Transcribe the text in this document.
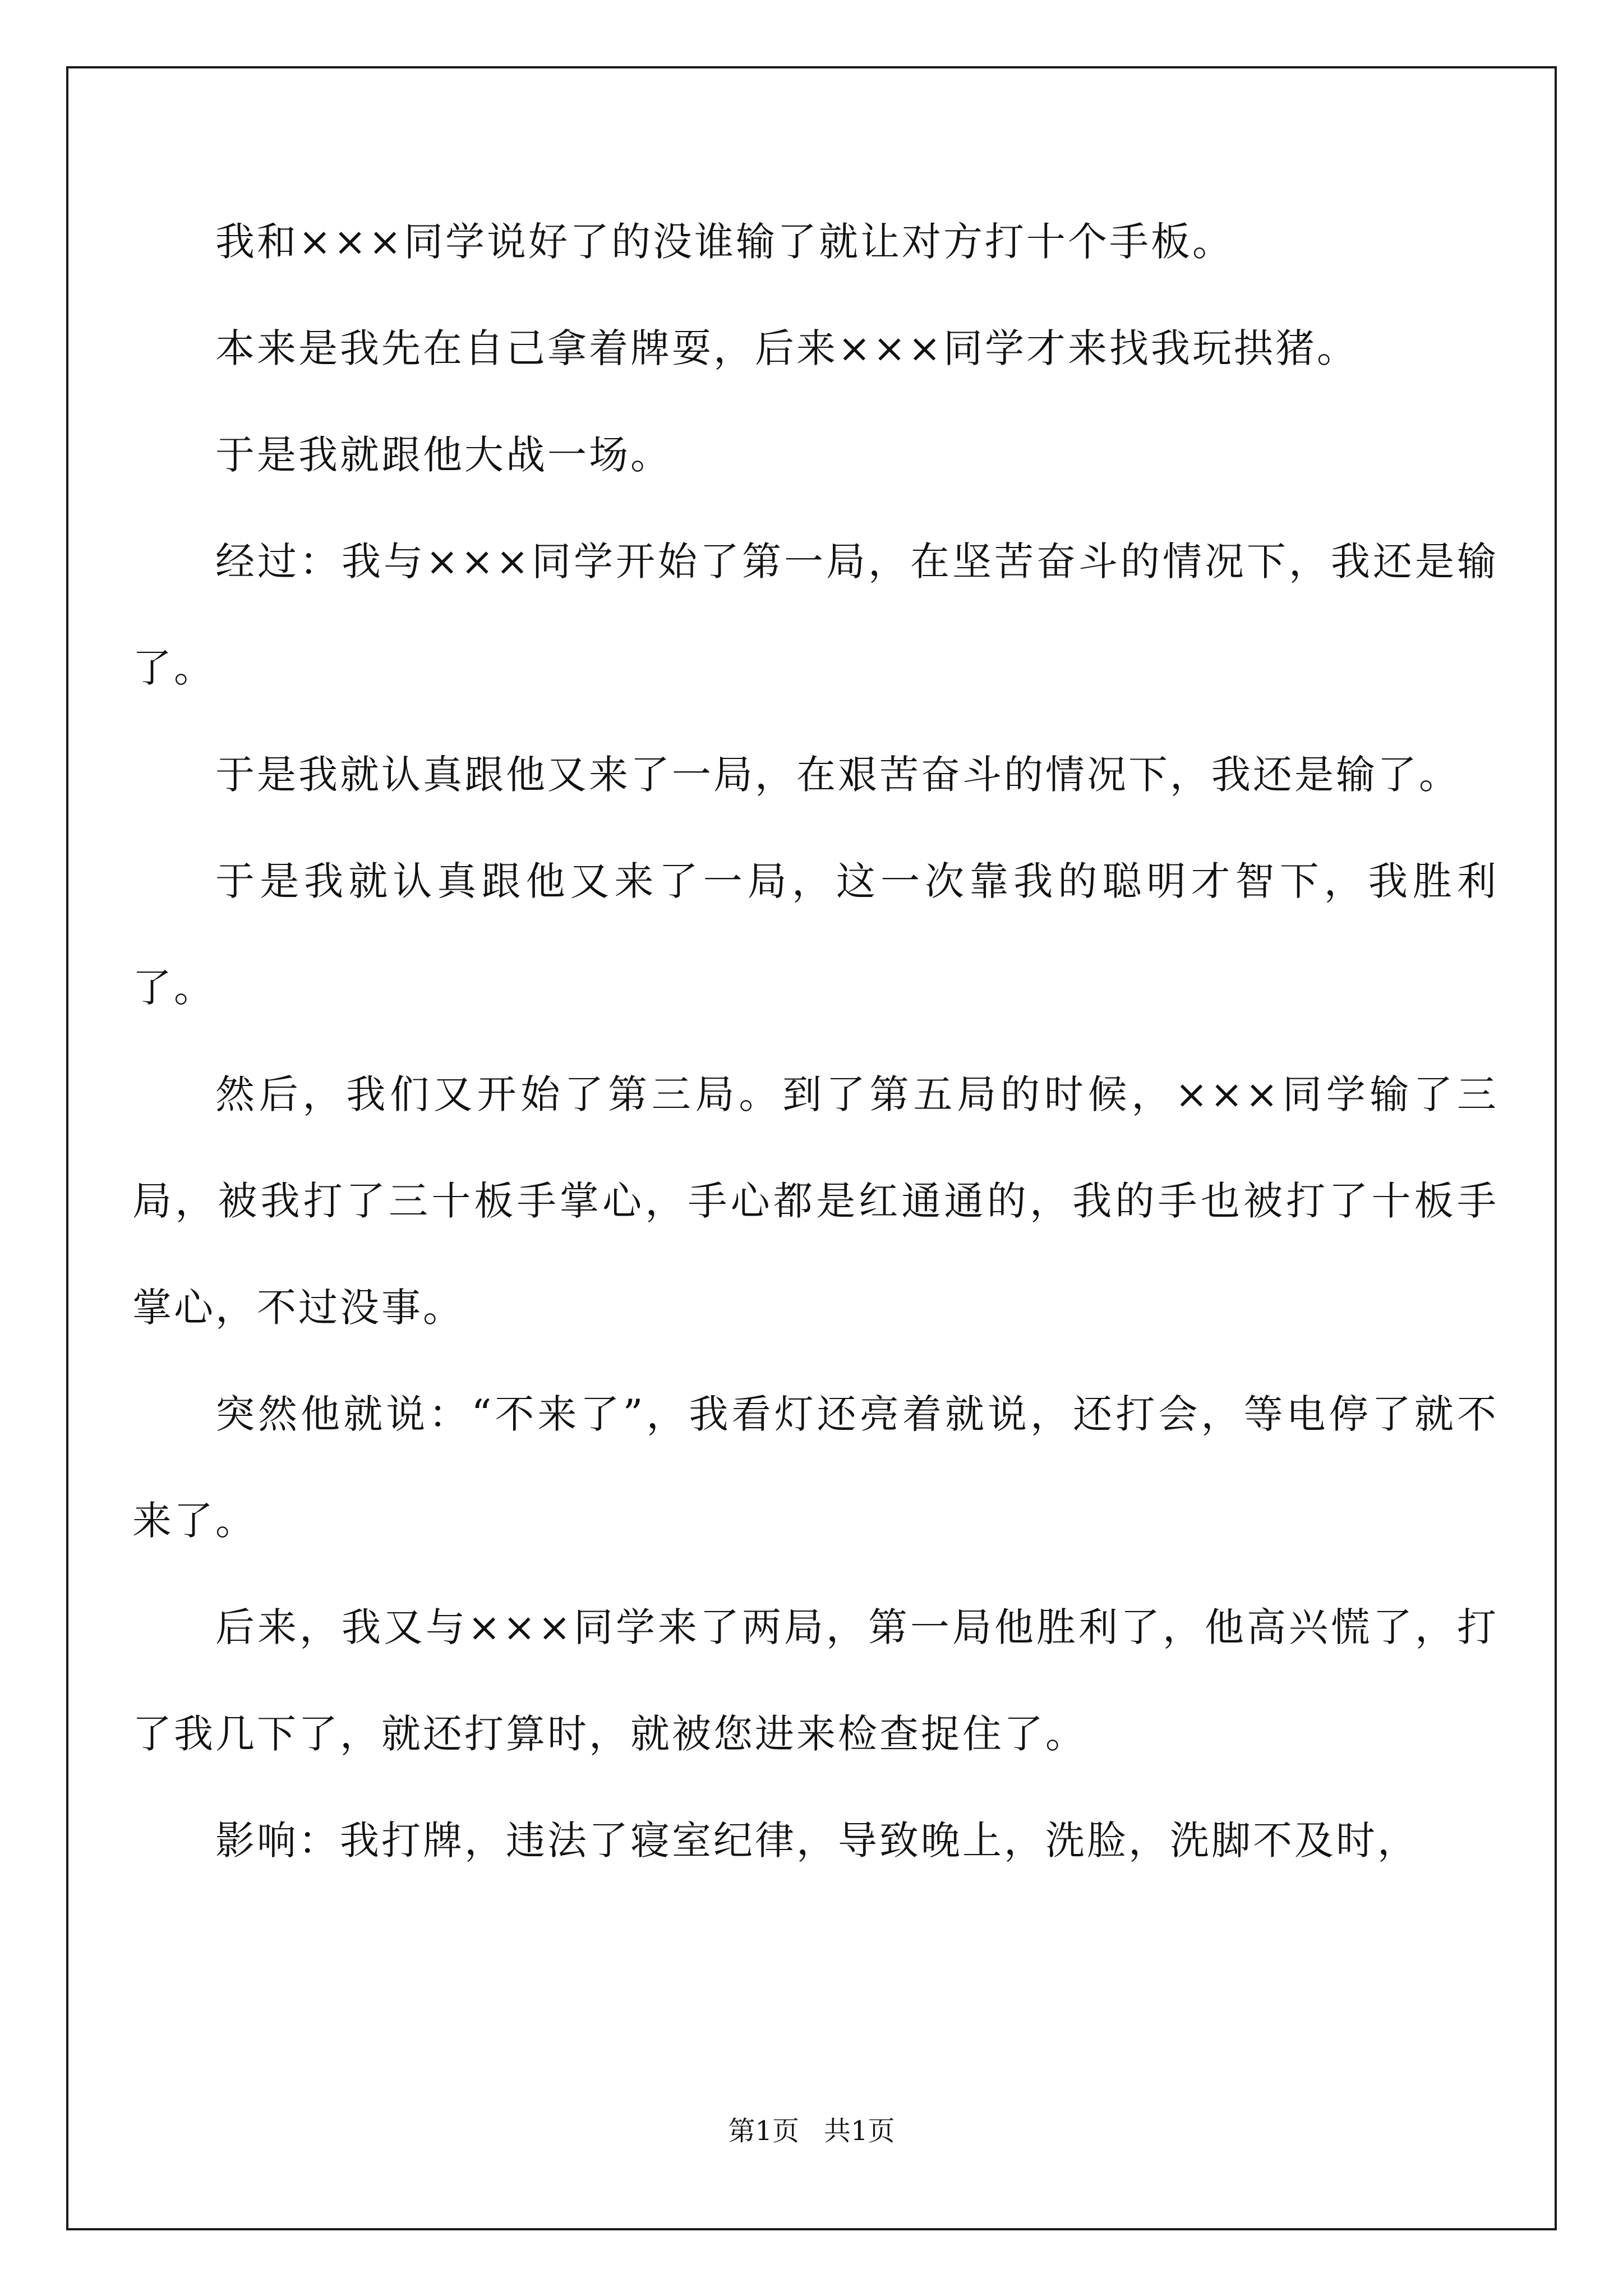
我和×××同学说好了的没谁输了就让对方打十个手板。

本来是我先在自己拿着牌耍，后来×××同学才来找我玩拱猪。

于是我就跟他大战一场。

经过：我与×××同学开始了第一局，在坚苦奋斗的情况下，我还是输了。

于是我就认真跟他又来了一局，在艰苦奋斗的情况下，我还是输了。

于是我就认真跟他又来了一局，这一次靠我的聪明才智下，我胜利了。

然后，我们又开始了第三局。到了第五局的时候，×××同学输了三局，被我打了三十板手掌心，手心都是红通通的，我的手也被打了十板手掌心，不过没事。

突然他就说：“不来了”，我看灯还亮着就说，还打会，等电停了就不来了。

后来，我又与×××同学来了两局，第一局他胜利了，他高兴慌了，打了我几下了，就还打算时，就被您进来检查捉住了。

影响：我打牌，违法了寝室纪律，导致晚上，洗脸，洗脚不及时，

第1页 共1页
